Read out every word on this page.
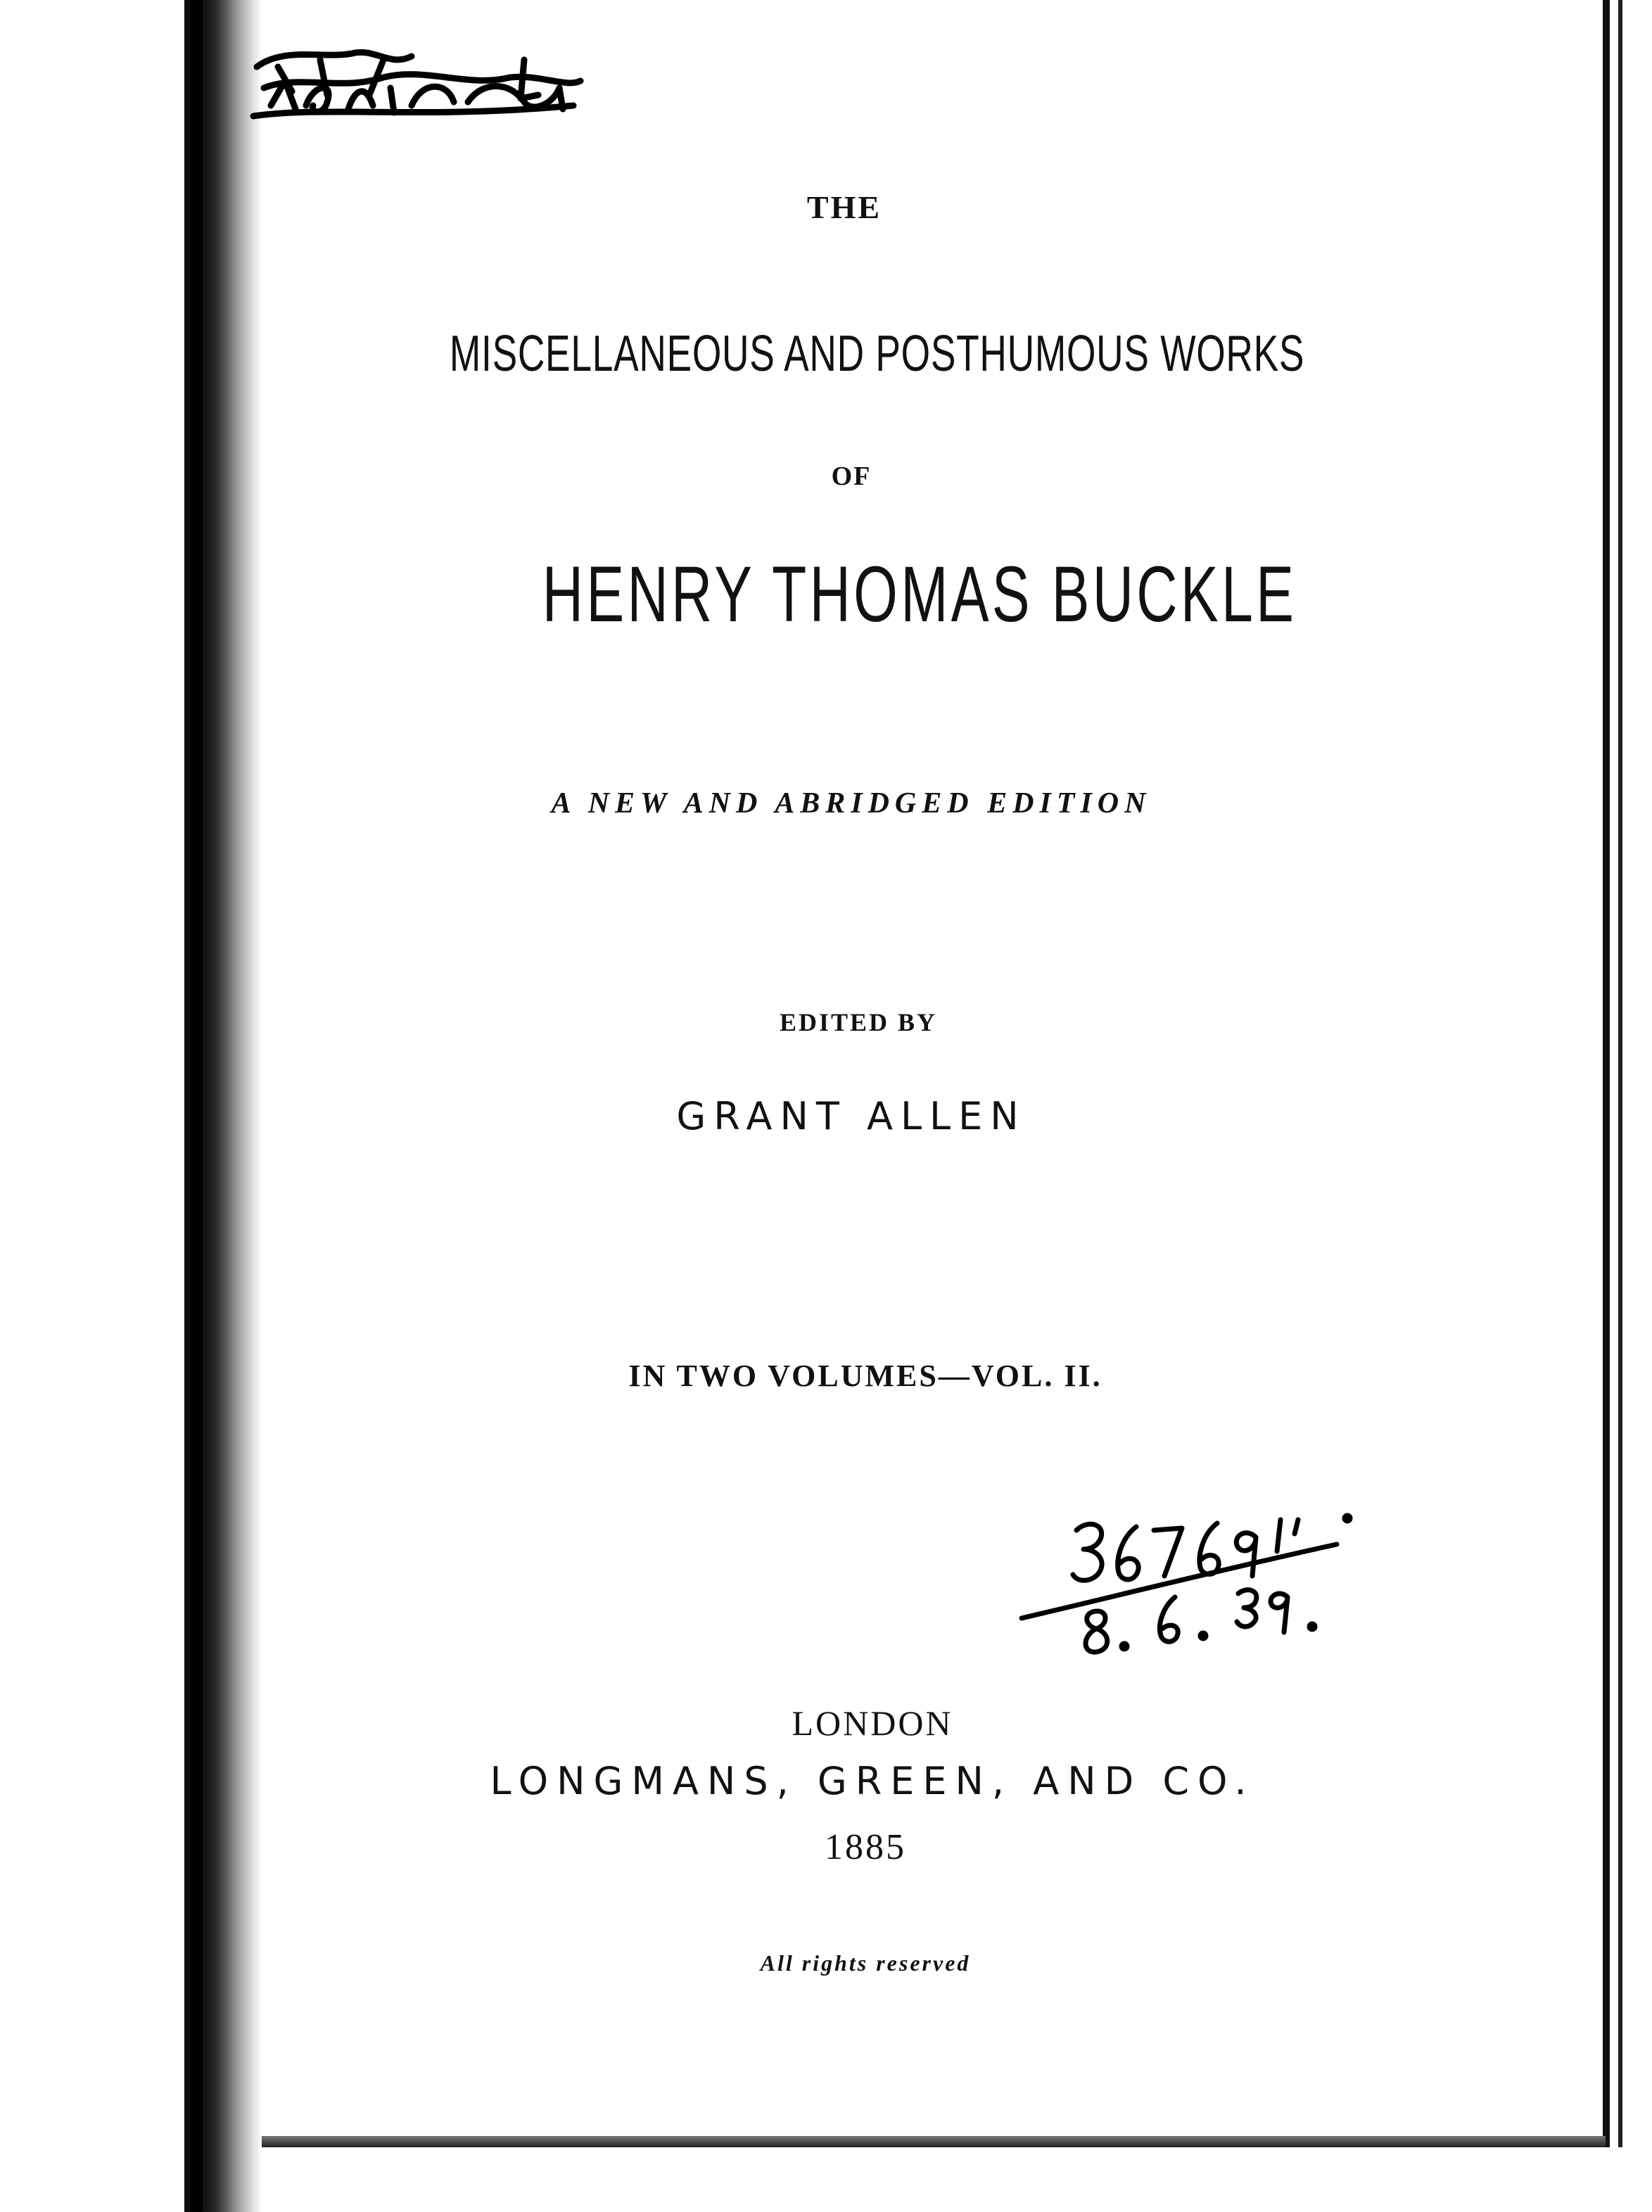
THE
MISCELLANEOUS AND POSTHUMOUS WORKS
OF
HENRY THOMAS BUCKLE
A NEW AND ABRIDGED EDITION
EDITED BY
GRANT ALLEN
IN TWO VOLUMES—VOL. II.
LONDON
LONGMANS, GREEN, AND CO.
1885
All rights reserved
